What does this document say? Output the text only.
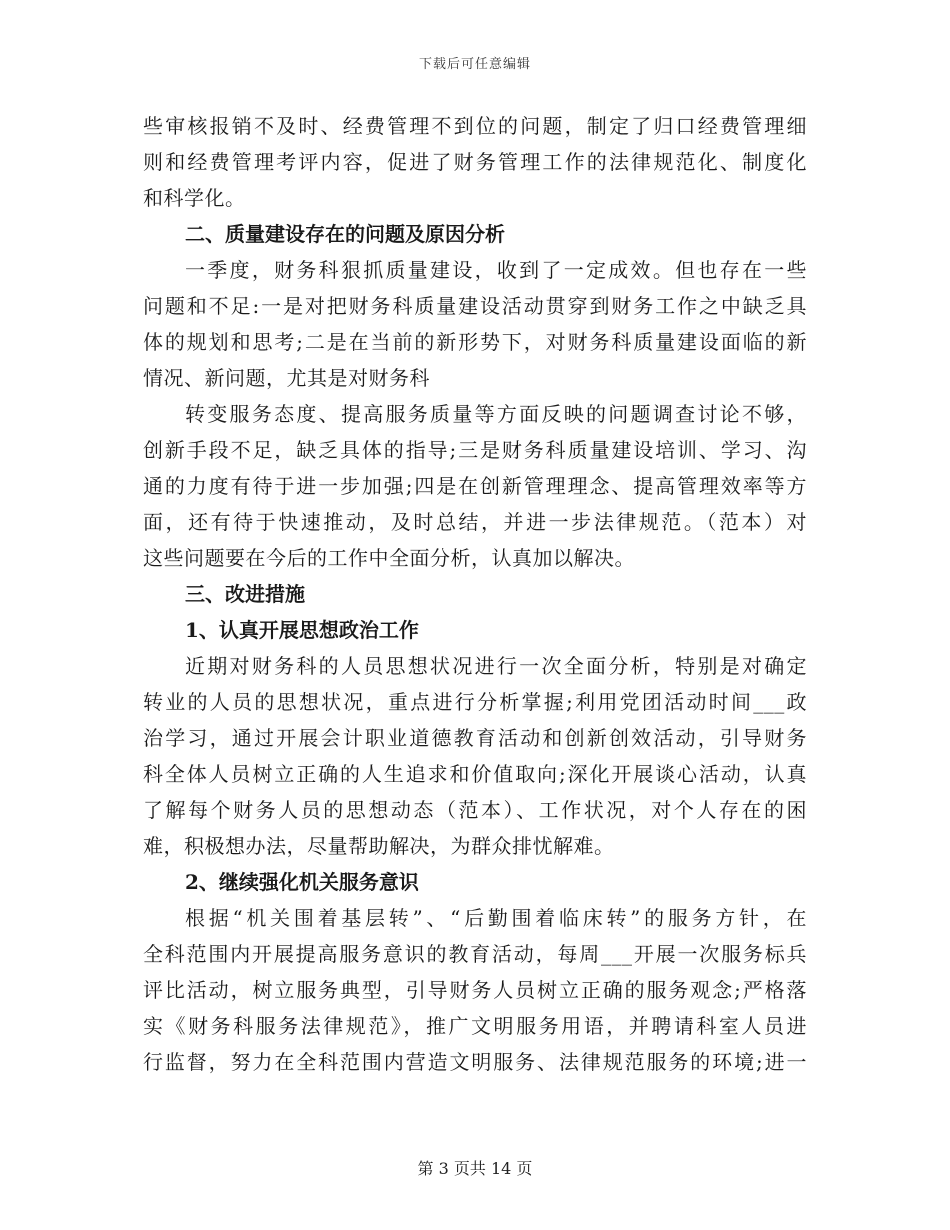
下载后可任意编辑
些审核报销不及时、经费管理不到位的问题，制定了归口经费管理细
则和经费管理考评内容，促进了财务管理工作的法律规范化、制度化
和科学化。
二、质量建设存在的问题及原因分析
一季度，财务科狠抓质量建设，收到了一定成效。但也存在一些
问题和不足:一是对把财务科质量建设活动贯穿到财务工作之中缺乏具
体的规划和思考;二是在当前的新形势下，对财务科质量建设面临的新
情况、新问题，尤其是对财务科
转变服务态度、提高服务质量等方面反映的问题调查讨论不够，
创新手段不足，缺乏具体的指导;三是财务科质量建设培训、学习、沟
通的力度有待于进一步加强;四是在创新管理理念、提高管理效率等方
面，还有待于快速推动，及时总结，并进一步法律规范。（范本）对
这些问题要在今后的工作中全面分析，认真加以解决。
三、改进措施
1、认真开展思想政治工作
近期对财务科的人员思想状况进行一次全面分析，特别是对确定
转业的人员的思想状况，重点进行分析掌握;利用党团活动时间___政
治学习，通过开展会计职业道德教育活动和创新创效活动，引导财务
科全体人员树立正确的人生追求和价值取向;深化开展谈心活动，认真
了解每个财务人员的思想动态（范本）、工作状况，对个人存在的困
难，积极想办法，尽量帮助解决，为群众排忧解难。
2、继续强化机关服务意识
根据“机关围着基层转”、“后勤围着临床转”的服务方针，在
全科范围内开展提高服务意识的教育活动，每周___开展一次服务标兵
评比活动，树立服务典型，引导财务人员树立正确的服务观念;严格落
实《财务科服务法律规范》，推广文明服务用语，并聘请科室人员进
行监督，努力在全科范围内营造文明服务、法律规范服务的环境;进一
第 3 页共 14 页
